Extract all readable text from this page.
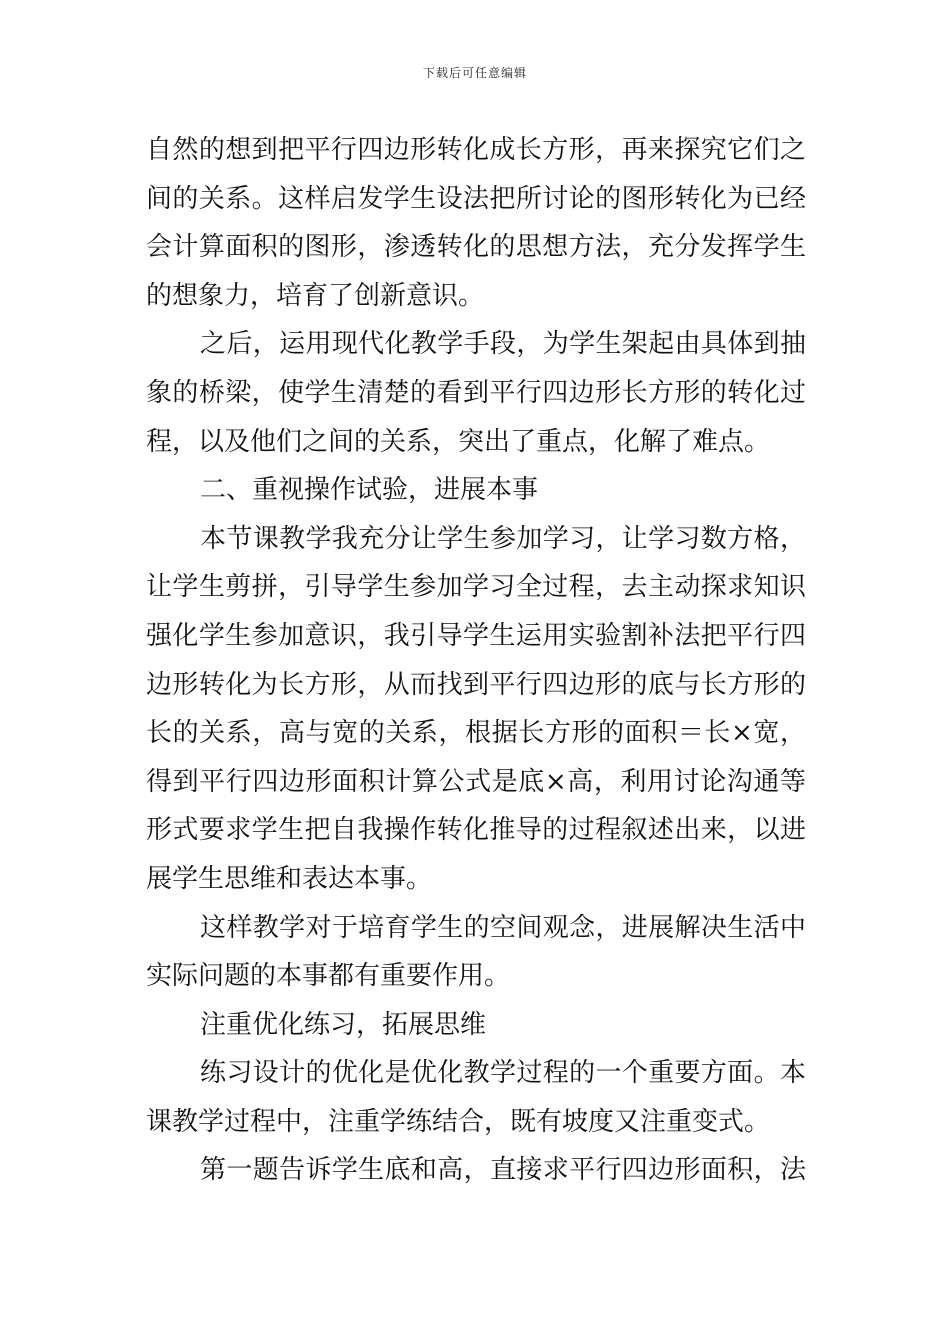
下载后可任意编辑
自然的想到把平行四边形转化成长方形，再来探究它们之
间的关系。这样启发学生设法把所讨论的图形转化为已经
会计算面积的图形，渗透转化的思想方法，充分发挥学生
的想象力，培育了创新意识。
之后，运用现代化教学手段，为学生架起由具体到抽
象的桥梁，使学生清楚的看到平行四边形长方形的转化过
程，以及他们之间的关系，突出了重点，化解了难点。
二、重视操作试验，进展本事
本节课教学我充分让学生参加学习，让学习数方格，
让学生剪拼，引导学生参加学习全过程，去主动探求知识
强化学生参加意识，我引导学生运用实验割补法把平行四
边形转化为长方形，从而找到平行四边形的底与长方形的
长的关系，高与宽的关系，根据长方形的面积＝长×宽，
得到平行四边形面积计算公式是底×高，利用讨论沟通等
形式要求学生把自我操作转化推导的过程叙述出来，以进
展学生思维和表达本事。
这样教学对于培育学生的空间观念，进展解决生活中
实际问题的本事都有重要作用。
注重优化练习，拓展思维
练习设计的优化是优化教学过程的一个重要方面。本
课教学过程中，注重学练结合，既有坡度又注重变式。
第一题告诉学生底和高，直接求平行四边形面积，法
